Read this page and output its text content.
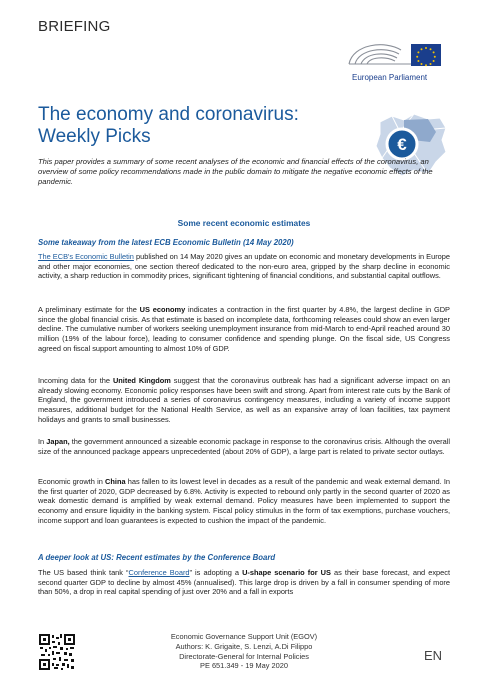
BRIEFING
European Parliament
The economy and coronavirus:
Weekly Picks	€
This paper provides a summary of some recent analyses of the economic and financial effects of the coronavirus, an overview of some policy recommendations made in the public domain to mitigate the negative economic effects of the pandemic.
Some recent economic estimates
Some takeaway from the latest ECB Economic Bulletin (14 May 2020)
The ECB's Economic Bulletin published on 14 May 2020 gives an update on economic and monetary developments in Europe and other major economies, one section thereof dedicated to the non-euro area, gripped by the sharp decline in economic activity, a sharp reduction in commodity prices, significant tightening of financial conditions, and substantial capital outflows.
A preliminary estimate for the US economy indicates a contraction in the first quarter by 4.8%, the largest decline in GDP since the global financial crisis. As that estimate is based on incomplete data, forthcoming releases could show an even larger decline. The cumulative number of workers seeking unemployment insurance from mid-March to end-April reached around 30 million (19% of the labour force), leading to consumer confidence and spending plunge. On the fiscal side, US Congress agreed on fiscal support amounting to almost 10% of GDP.
Incoming data for the United Kingdom suggest that the coronavirus outbreak has had a significant adverse impact on an already slowing economy. Economic policy responses have been swift and strong. Apart from interest rate cuts by the Bank of England, the government introduced a series of coronavirus contingency measures, including a variety of income support measures, additional budget for the National Health Service, as well as an expansive array of loan facilities, tax payment holidays and grants to small businesses.
In Japan, the government announced a sizeable economic package in response to the coronavirus crisis. Although the overall size of the announced package appears unprecedented (about 20% of GDP), a large part is related to private sector outlays.
Economic growth in China has fallen to its lowest level in decades as a result of the pandemic and weak external demand. In the first quarter of 2020, GDP decreased by 6.8%. Activity is expected to rebound only partly in the second quarter of 2020 as weak domestic demand is amplified by weak external demand. Policy measures have been implemented to support the economy and ensure liquidity in the banking system. Fiscal policy stimulus in the form of tax exemptions, purchase vouchers, income support and loan guarantees is expected to cushion the impact of the pandemic.
A deeper look at US: Recent estimates by the Conference Board
The US based think tank “Conference Board” is adopting a U-shape scenario for US as their base forecast, and expect second quarter GDP to decline by almost 45% (annualised). This large drop is driven by a fall in consumer spending of more than 50%, a drop in real capital spending of just over 20% and a fall in exports
Economic Governance Support Unit (EGOV)
Authors: K. Grigaite, S. Lenzi, A.Di Filippo
Directorate-General for Internal Policies
PE 651.349 - 19 May 2020
EN
